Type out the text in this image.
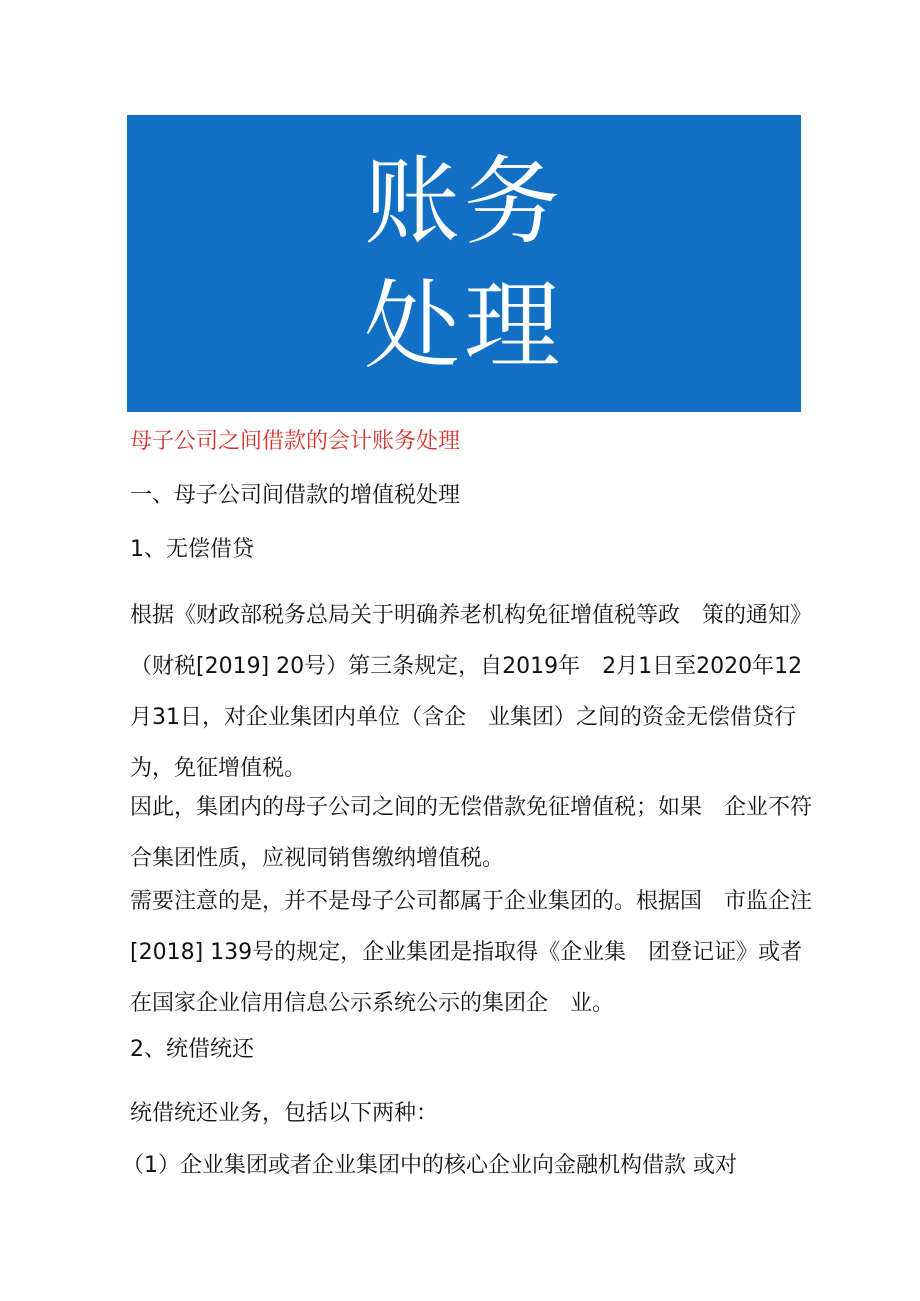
账务
处理
母子公司之间借款的会计账务处理
一、母子公司间借款的增值税处理
1、无偿借贷

根据《财政部税务总局关于明确养老机构免征增值税等政　策的通知》（财税[2019] 20号）第三条规定，自2019年　2月1日至2020年12月31日，对企业集团内单位（含企　业集团）之间的资金无偿借贷行为，免征增值税。

因此，集团内的母子公司之间的无偿借款免征增值税；如果　企业不符合集团性质，应视同销售缴纳增值税。

需要注意的是，并不是母子公司都属于企业集团的。根据国　市监企注[2018] 139号的规定，企业集团是指取得《企业集　团登记证》或者在国家企业信用信息公示系统公示的集团企　业。

2、统借统还
统借统还业务，包括以下两种：
（1）企业集团或者企业集团中的核心企业向金融机构借款 或对
